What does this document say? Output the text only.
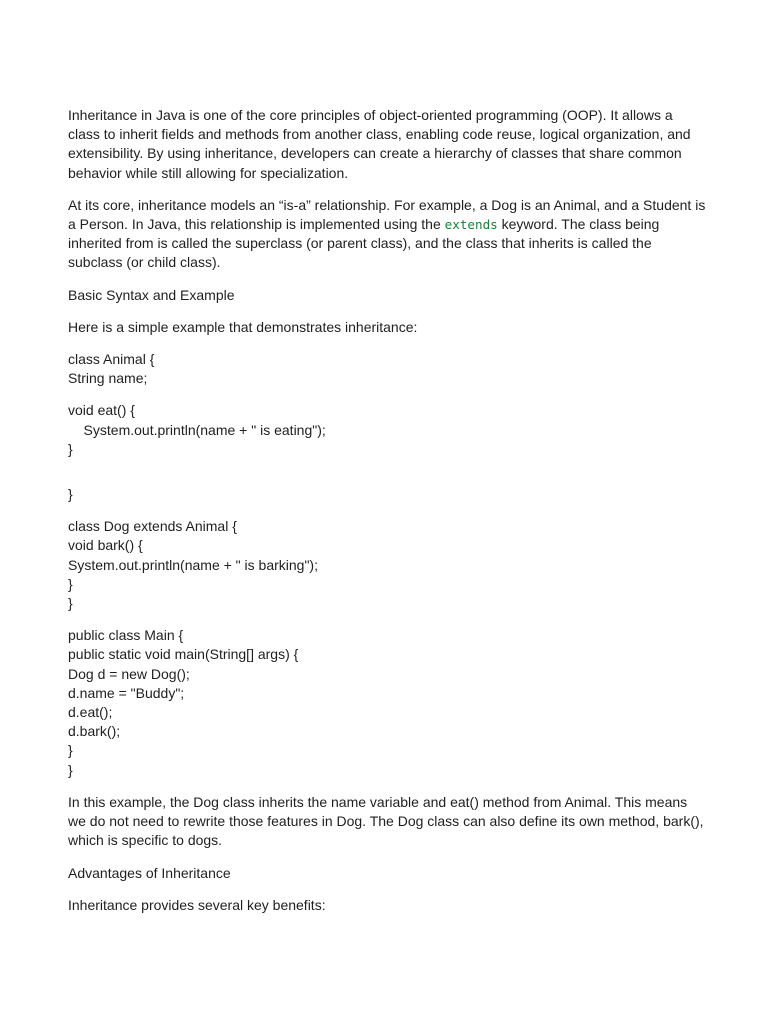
Inheritance in Java is one of the core principles of object-oriented programming (OOP). It allows a class to inherit fields and methods from another class, enabling code reuse, logical organization, and extensibility. By using inheritance, developers can create a hierarchy of classes that share common behavior while still allowing for specialization.

At its core, inheritance models an “is-a” relationship. For example, a Dog is an Animal, and a Student is a Person. In Java, this relationship is implemented using the extends keyword. The class being inherited from is called the superclass (or parent class), and the class that inherits is called the subclass (or child class).

Basic Syntax and Example

Here is a simple example that demonstrates inheritance:

class Animal {
String name;
void eat() {
System.out.println(name + " is eating");
}
}
class Dog extends Animal {
void bark() {
System.out.println(name + " is barking");
}
}
public class Main {
public static void main(String[] args) {
Dog d = new Dog();
d.name = "Buddy";
d.eat();
d.bark();
}
}

In this example, the Dog class inherits the name variable and eat() method from Animal. This means we do not need to rewrite those features in Dog. The Dog class can also define its own method, bark(), which is specific to dogs.

Advantages of Inheritance

Inheritance provides several key benefits:
